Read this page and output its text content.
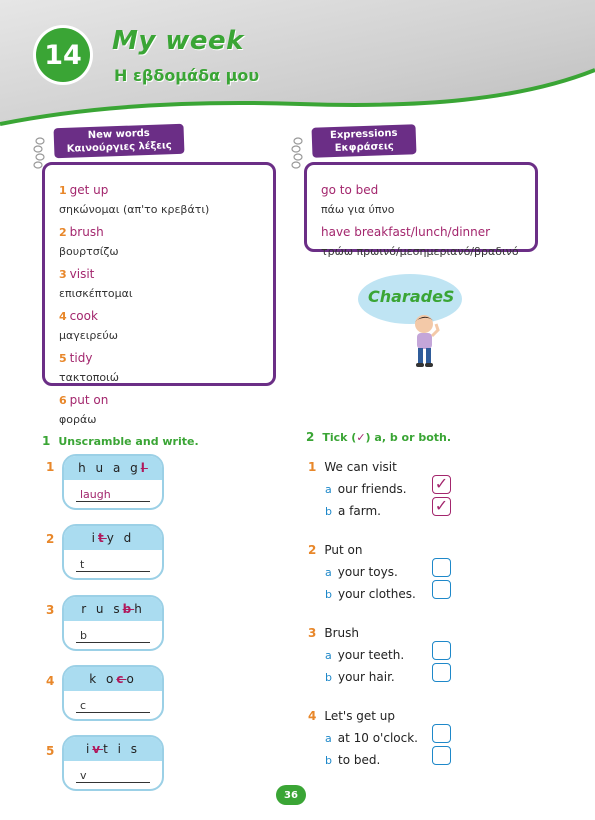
14 My week
Η εβδομάδα μου
New words
Καινούργιες λέξεις
1 get up
σηκώνομαι (απ'το κρεβάτι)
2 brush
βουρτσίζω
3 visit
επισκέπτομαι
4 cook
μαγειρεύω
5 tidy
τακτοποιώ
6 put on
φοράω
Expressions
Εκφράσεις
go to bed
πάω για ύπνο
have breakfast/lunch/dinner
τρώω πρωινό/μεσημεριανό/βραδινό
CharadeS
1 Unscramble and write.
1 h u a g l
laugh
2	i t y d
t
3 r u s b h
b
4	k o c o
c
5	i v t i s
v
2 Tick (✓) a, b or both.
1 We can visit
a our friends. ✓
b a farm.	✓
2 Put on
a your toys.
b your clothes.
3 Brush
a your teeth.
b your hair.
4 Let's get up
a at 10 o'clock.
b to bed.
36
